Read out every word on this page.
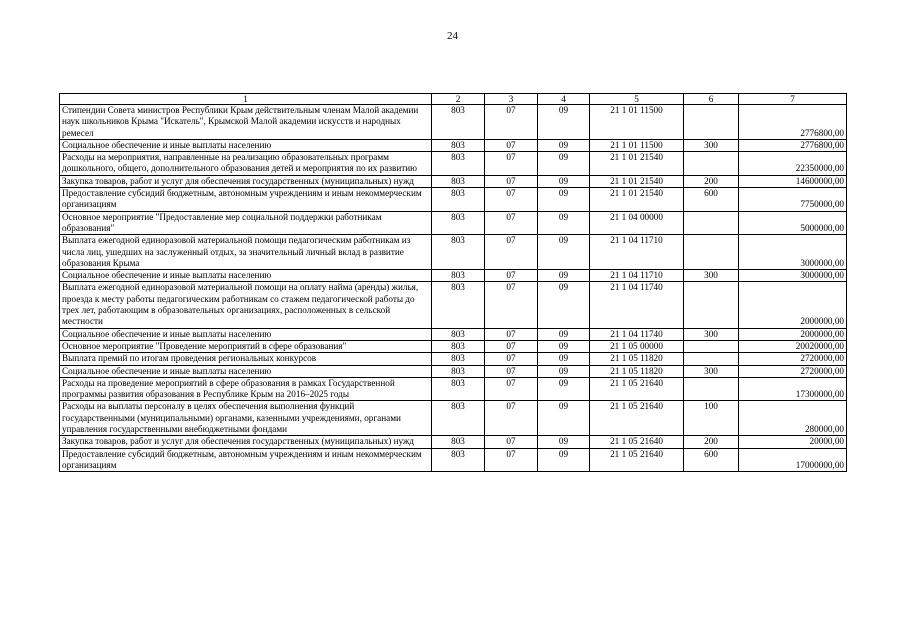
24
1	2	3	4	5	6	7
Стипендии Совета министров Республики Крым действительным членам Малой академии наук школьников Крыма "Искатель", Крымской Малой академии искусств и народных ремесел	803	07	09	21 1 01 11500		2776800,00
Социальное обеспечение и иные выплаты населению	803	07	09	21 1 01 11500	300	2776800,00
Расходы на мероприятия, направленные на реализацию образовательных программ дошкольного, общего, дополнительного образования детей и мероприятия по их развитию	803	07	09	21 1 01 21540		22350000,00
Закупка товаров, работ и услуг для обеспечения государственных (муниципальных) нужд	803	07	09	21 1 01 21540	200	14600000,00
Предоставление субсидий бюджетным, автономным учреждениям и иным некоммерческим организациям	803	07	09	21 1 01 21540	600	7750000,00
Основное мероприятие "Предоставление мер социальной поддержки работникам образования"	803	07	09	21 1 04 00000		5000000,00
Выплата ежегодной единоразовой материальной помощи педагогическим работникам из числа лиц, ушедших на заслуженный отдых, за значительный личный вклад в развитие образования Крыма	803	07	09	21 1 04 11710		3000000,00
Социальное обеспечение и иные выплаты населению	803	07	09	21 1 04 11710	300	3000000,00
Выплата ежегодной единоразовой материальной помощи на оплату найма (аренды) жилья, проезда к месту работы педагогическим работникам со стажем педагогической работы до трех лет, работающим в образовательных организациях, расположенных в сельской местности	803	07	09	21 1 04 11740		2000000,00
Социальное обеспечение и иные выплаты населению	803	07	09	21 1 04 11740	300	2000000,00
Основное мероприятие "Проведение мероприятий в сфере образования"	803	07	09	21 1 05 00000		20020000,00
Выплата премий по итогам проведения региональных конкурсов	803	07	09	21 1 05 11820		2720000,00
Социальное обеспечение и иные выплаты населению	803	07	09	21 1 05 11820	300	2720000,00
Расходы на проведение мероприятий в сфере образования в рамках Государственной программы развития образования в Республике Крым на 2016–2025 годы	803	07	09	21 1 05 21640		17300000,00
Расходы на выплаты персоналу в целях обеспечения выполнения функций государственными (муниципальными) органами, казенными учреждениями, органами управления государственными внебюджетными фондами	803	07	09	21 1 05 21640	100	280000,00
Закупка товаров, работ и услуг для обеспечения государственных (муниципальных) нужд	803	07	09	21 1 05 21640	200	20000,00
Предоставление субсидий бюджетным, автономным учреждениям и иным некоммерческим организациям	803	07	09	21 1 05 21640	600	17000000,00
